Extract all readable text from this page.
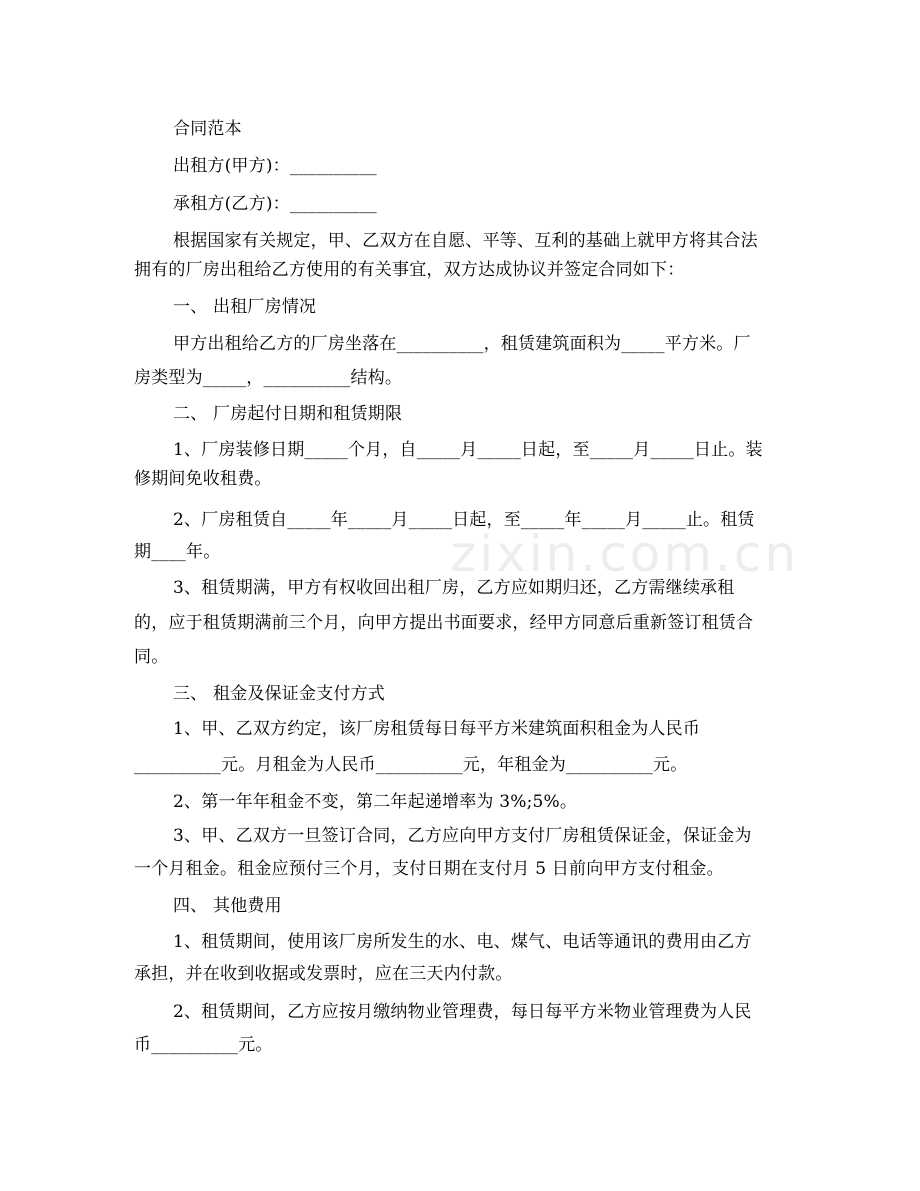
合同范本
出租方(甲方)：__________
承租方(乙方)：__________
根据国家有关规定，甲、乙双方在自愿、平等、互利的基础上就甲方将其合法
拥有的厂房出租给乙方使用的有关事宜，双方达成协议并签定合同如下：
一、 出租厂房情况
甲方出租给乙方的厂房坐落在__________，租赁建筑面积为_____平方米。厂
房类型为_____，__________结构。
二、 厂房起付日期和租赁期限
1、厂房装修日期_____个月，自_____月_____日起，至_____月_____日止。装
修期间免收租费。
2、厂房租赁自_____年_____月_____日起，至_____年_____月_____止。租赁
期____年。
3、租赁期满，甲方有权收回出租厂房，乙方应如期归还，乙方需继续承租
的，应于租赁期满前三个月，向甲方提出书面要求，经甲方同意后重新签订租赁合
同。
三、 租金及保证金支付方式
1、甲、乙双方约定，该厂房租赁每日每平方米建筑面积租金为人民币
__________元。月租金为人民币__________元，年租金为__________元。
2、第一年年租金不变，第二年起递增率为 3%;5%。
3、甲、乙双方一旦签订合同，乙方应向甲方支付厂房租赁保证金，保证金为
一个月租金。租金应预付三个月，支付日期在支付月 5 日前向甲方支付租金。
四、 其他费用
1、租赁期间，使用该厂房所发生的水、电、煤气、电话等通讯的费用由乙方
承担，并在收到收据或发票时，应在三天内付款。
2、租赁期间，乙方应按月缴纳物业管理费，每日每平方米物业管理费为人民
币__________元。
zixin.com.cn
